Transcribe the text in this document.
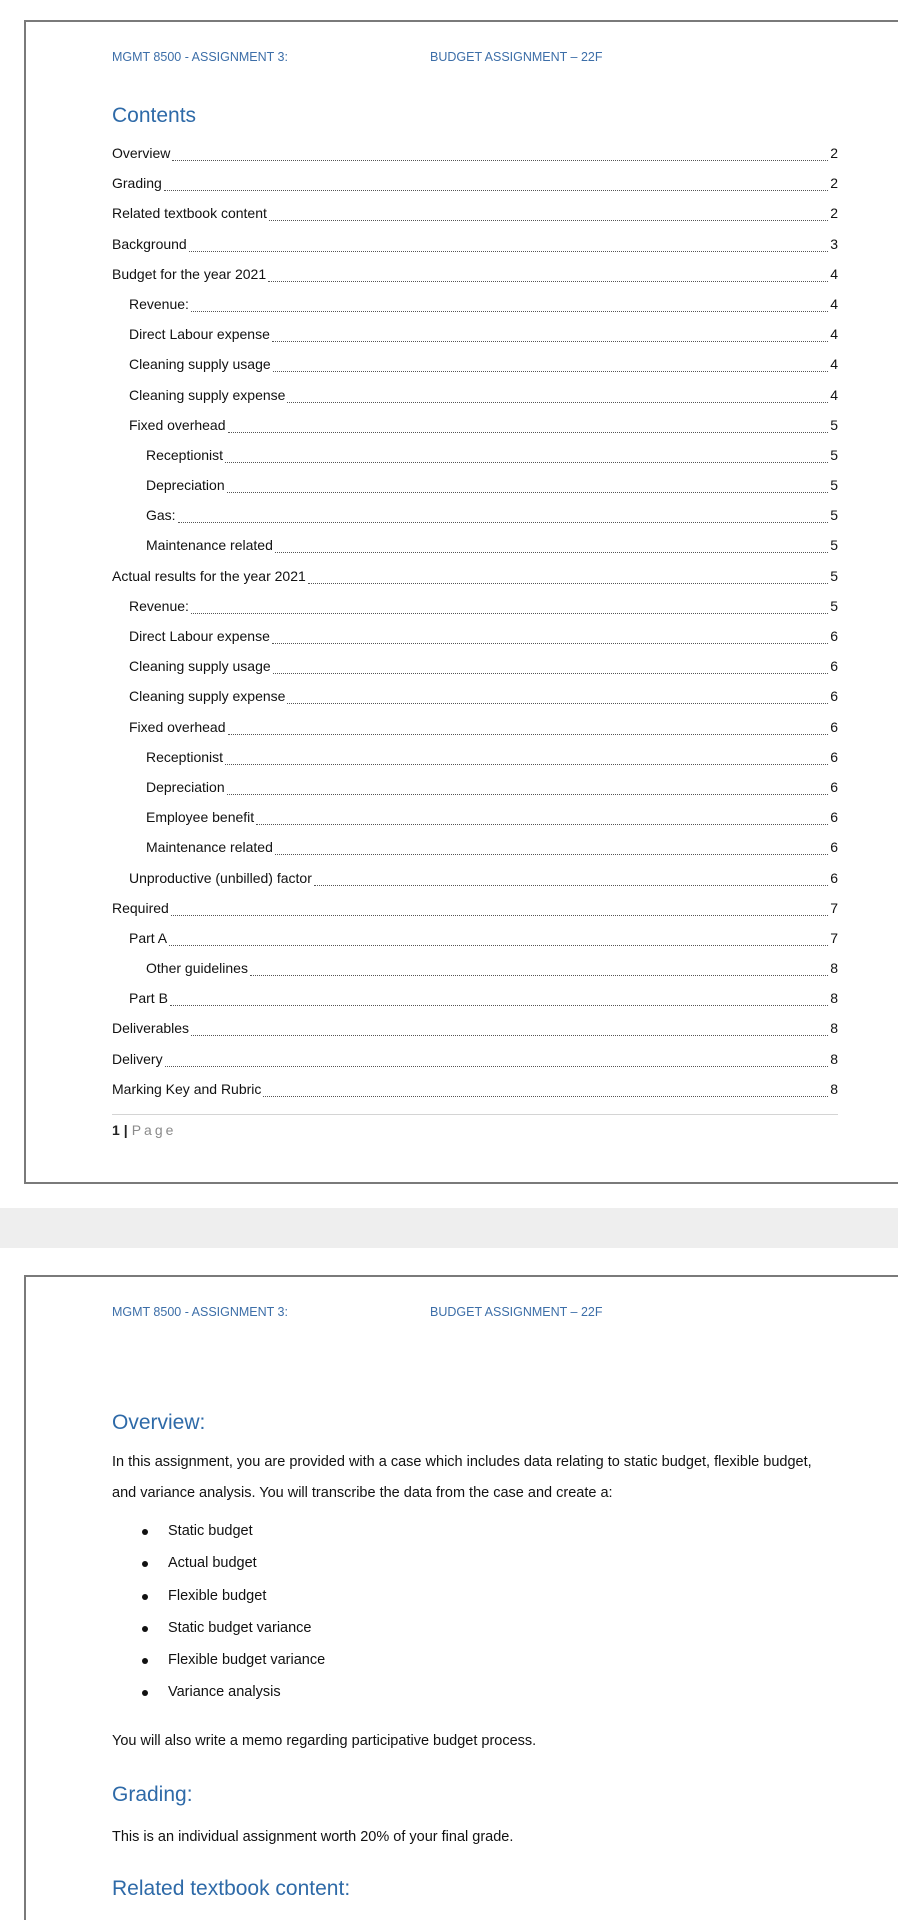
MGMT 8500 - ASSIGNMENT 3:	BUDGET ASSIGNMENT – 22F
Contents
Overview	2
Grading	2
Related textbook content	2
Background	3
Budget for the year 2021	4
Revenue:	4
Direct Labour expense	4
Cleaning supply usage	4
Cleaning supply expense	4
Fixed overhead	5
Receptionist	5
Depreciation	5
Gas:	5
Maintenance related	5
Actual results for the year 2021	5
Revenue:	5
Direct Labour expense	6
Cleaning supply usage	6
Cleaning supply expense	6
Fixed overhead	6
Receptionist	6
Depreciation	6
Employee benefit	6
Maintenance related	6
Unproductive (unbilled) factor	6
Required	7
Part A	7
Other guidelines	8
Part B	8
Deliverables	8
Delivery	8
Marking Key and Rubric	8
1 | Page
MGMT 8500 - ASSIGNMENT 3:	BUDGET ASSIGNMENT – 22F
Overview:
In this assignment, you are provided with a case which includes data relating to static budget, flexible budget, and variance analysis. You will transcribe the data from the case and create a:
Static budget
Actual budget
Flexible budget
Static budget variance
Flexible budget variance
Variance analysis
You will also write a memo regarding participative budget process.
Grading:
This is an individual assignment worth 20% of your final grade.
Related textbook content:
